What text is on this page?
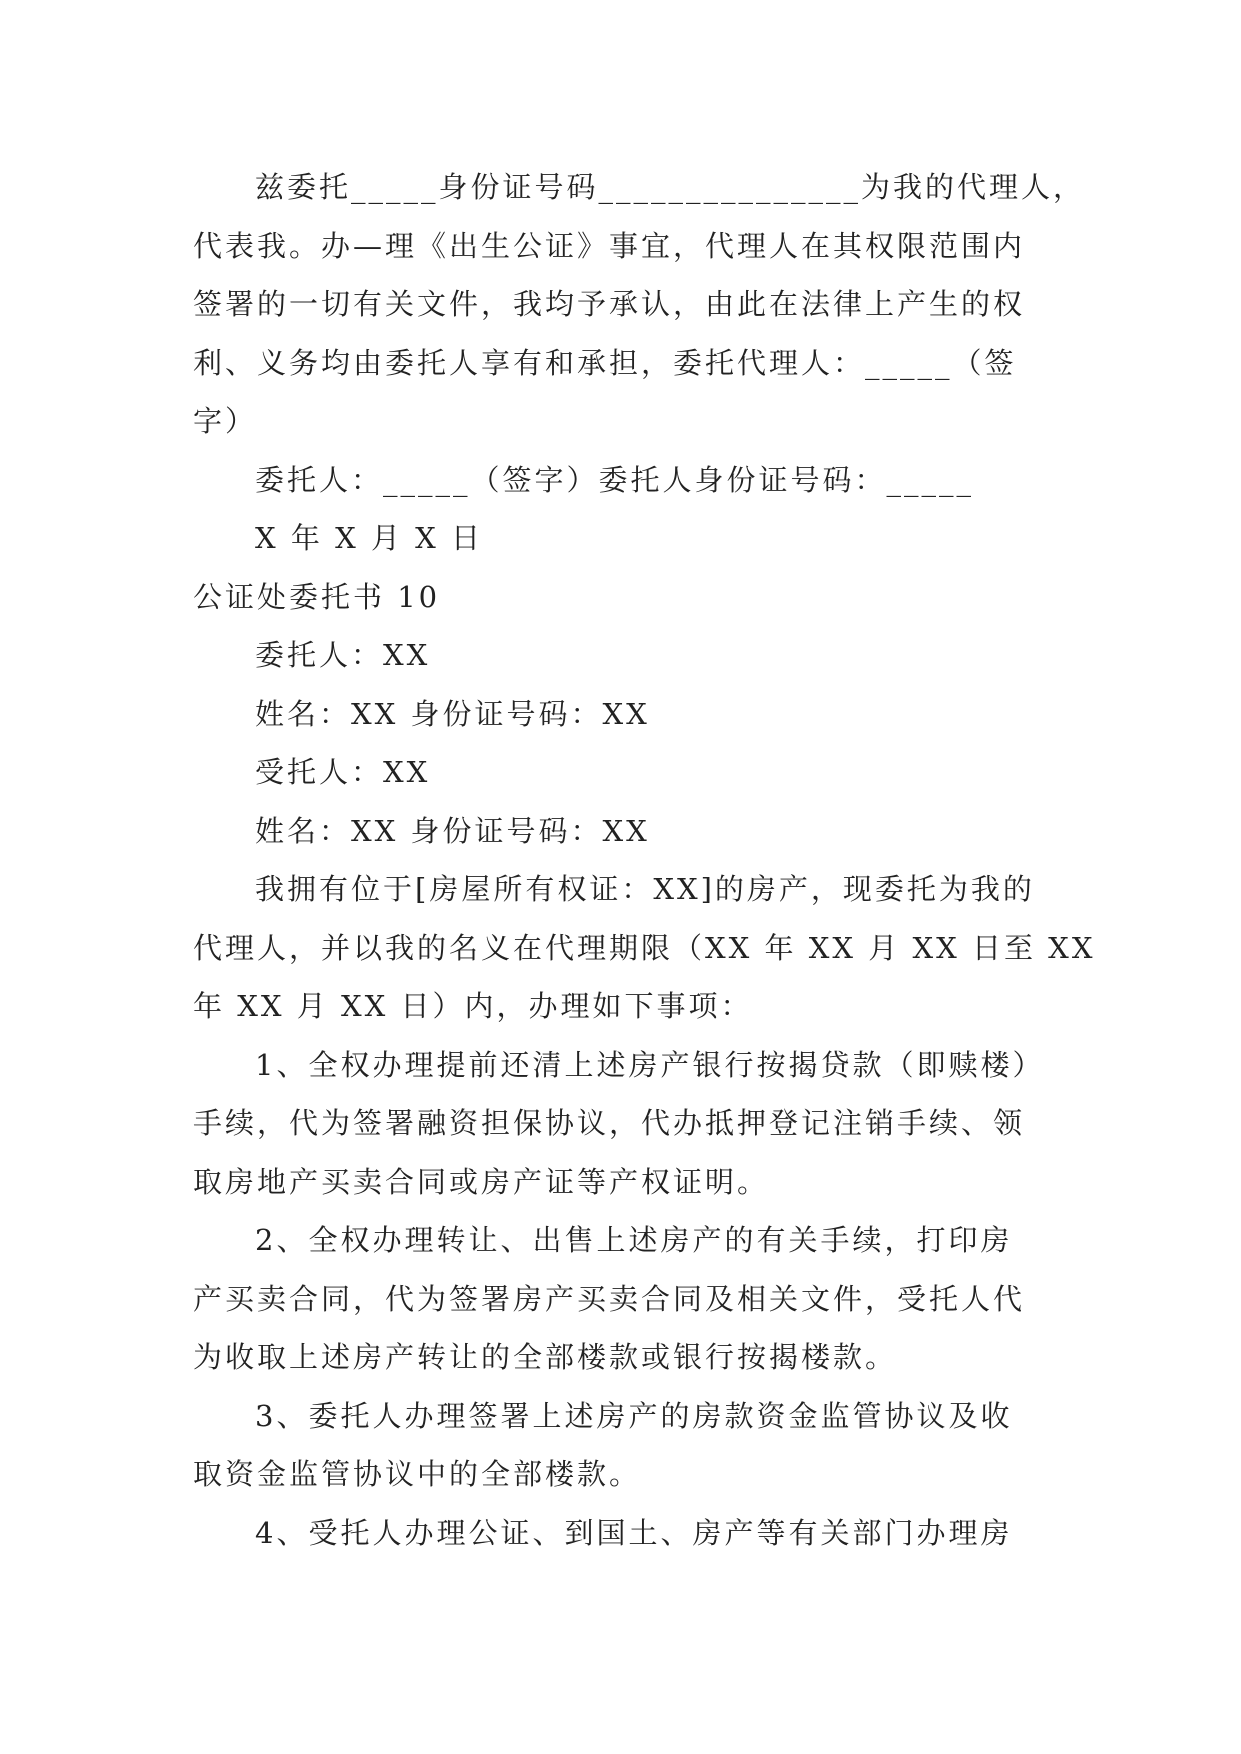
兹委托_____身份证号码_______________为我的代理人，
代表我。办—理《出生公证》事宜，代理人在其权限范围内
签署的一切有关文件，我均予承认，由此在法律上产生的权
利、义务均由委托人享有和承担，委托代理人：_____（签
字）
委托人：_____（签字）委托人身份证号码：_____
X 年 X 月 X 日
公证处委托书 10
委托人：XX
姓名：XX 身份证号码：XX
受托人：XX
姓名：XX 身份证号码：XX
我拥有位于[房屋所有权证：XX]的房产，现委托为我的
代理人，并以我的名义在代理期限（XX 年 XX 月 XX 日至 XX
年 XX 月 XX 日）内，办理如下事项：
1、全权办理提前还清上述房产银行按揭贷款（即赎楼）
手续，代为签署融资担保协议，代办抵押登记注销手续、领
取房地产买卖合同或房产证等产权证明。
2、全权办理转让、出售上述房产的有关手续，打印房
产买卖合同，代为签署房产买卖合同及相关文件，受托人代
为收取上述房产转让的全部楼款或银行按揭楼款。
3、委托人办理签署上述房产的房款资金监管协议及收
取资金监管协议中的全部楼款。
4、受托人办理公证、到国土、房产等有关部门办理房
